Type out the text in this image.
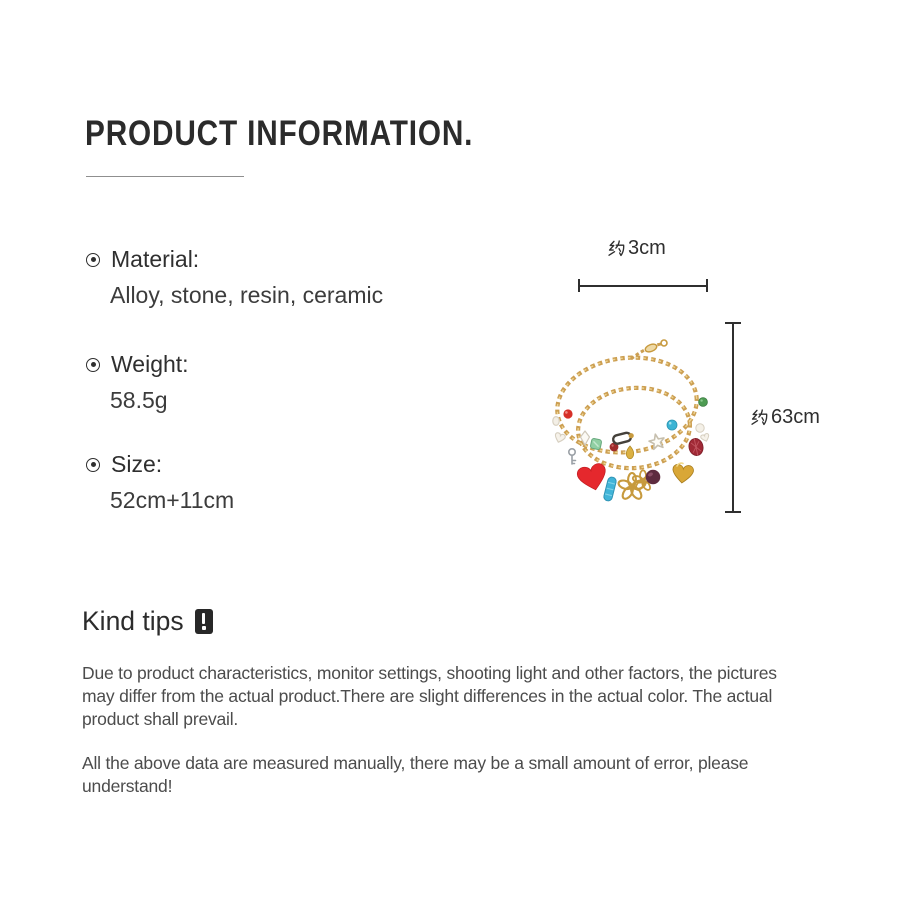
PRODUCT INFORMATION.
Material:
Alloy, stone, resin, ceramic
Weight:
58.5g
Size:
52cm+11cm
3cm
63cm
Kind tips
Due to product characteristics, monitor settings, shooting light and other factors, the pictures may differ from the actual product.There are slight differences in the actual color. The actual product shall prevail.
All the above data are measured manually, there may be a small amount of error, please understand!
